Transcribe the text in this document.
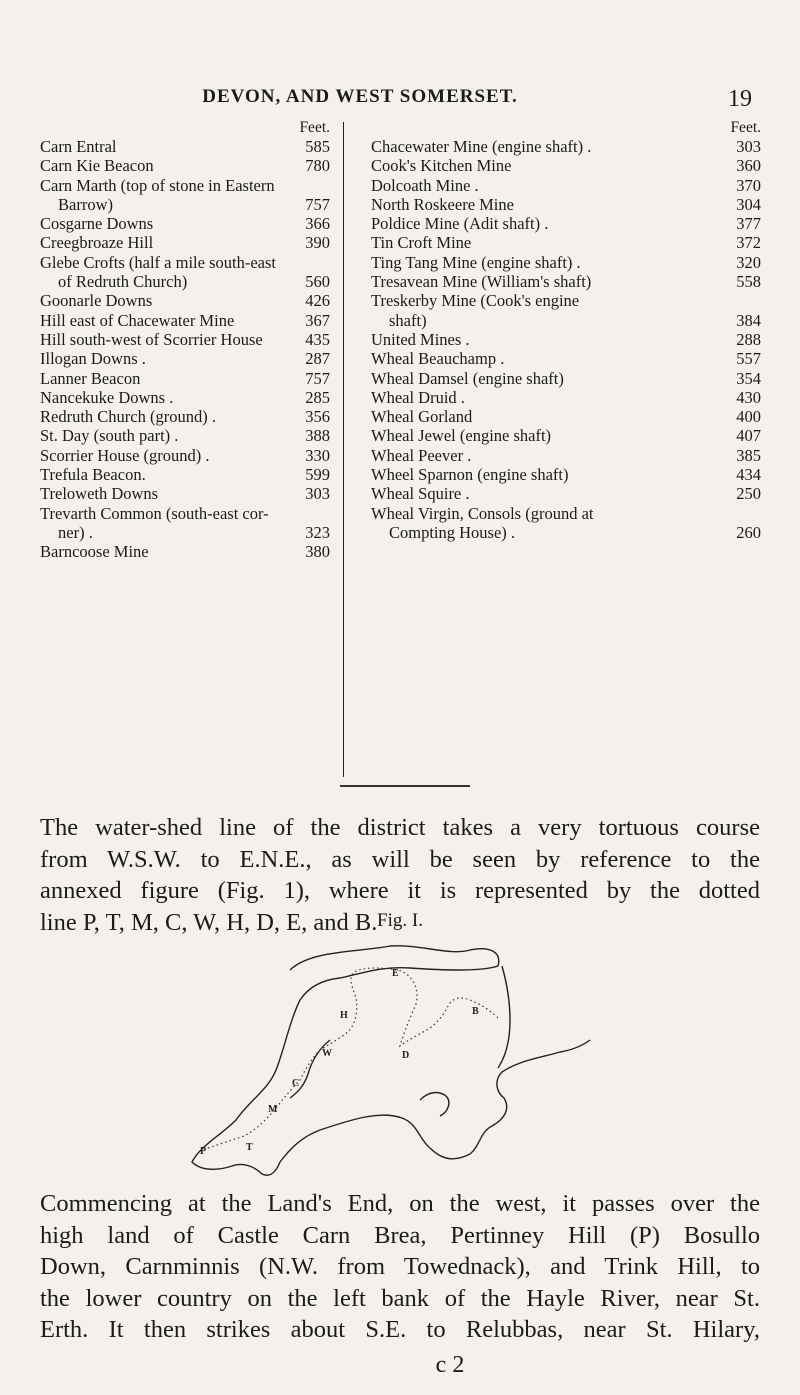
DEVON, AND WEST SOMERSET.	19
Feet.
Carn Entral	585
Carn Kie Beacon	780
Carn Marth (top of stone in Eastern
Barrow)	757
Cosgarne Downs	366
Creegbroaze Hill	390
Glebe Crofts (half a mile south-east
of Redruth Church)	560
Goonarle Downs	426
Hill east of Chacewater Mine	367
Hill south-west of Scorrier House	435
Illogan Downs .	287
Lanner Beacon	757
Nancekuke Downs .	285
Redruth Church (ground) .	356
St. Day (south part) .	388
Scorrier House (ground) .	330
Trefula Beacon.	599
Treloweth Downs	303
Trevarth Common (south-east cor-
ner) .	323
Barncoose Mine	380
Feet.
Chacewater Mine (engine shaft) .	303
Cook's Kitchen Mine	360
Dolcoath Mine .	370
North Roskeere Mine	304
Poldice Mine (Adit shaft) .	377
Tin Croft Mine	372
Ting Tang Mine (engine shaft) .	320
Tresavean Mine (William's shaft)	558
Treskerby Mine (Cook's engine
shaft)	384
United Mines .	288
Wheal Beauchamp .	557
Wheal Damsel (engine shaft)	354
Wheal Druid .	430
Wheal Gorland	400
Wheal Jewel (engine shaft)	407
Wheal Peever .	385
Wheel Sparnon (engine shaft)	434
Wheal Squire .	250
Wheal Virgin, Consols (ground at
Compting House) .	260
The water-shed line of the district takes a very tortuous course
from W.S.W. to E.N.E., as will be seen by reference to the
annexed figure (Fig. 1), where it is represented by the dotted
line P, T, M, C, W, H, D, E, and B. Fig. I.
P	T
M
C
W
H
D
E
B
Commencing at the Land's End, on the west, it passes over the
high land of Castle Carn Brea, Pertinney Hill (P) Bosullo
Down, Carnminnis (N.W. from Towednack), and Trink Hill, to
the lower country on the left bank of the Hayle River, near St.
Erth. It then strikes about S.E. to Relubbas, near St. Hilary,
c 2
